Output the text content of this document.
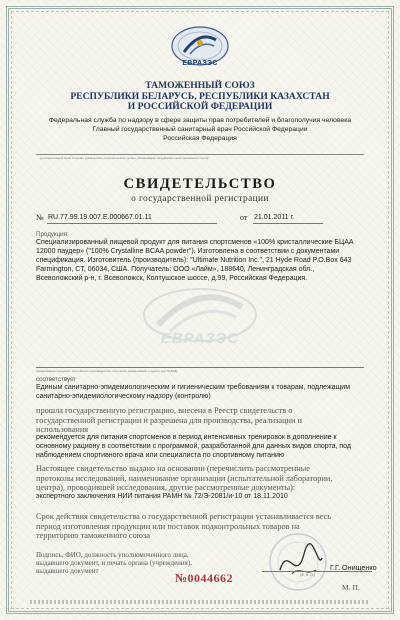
ЕВРАЗЭС
ТАМОЖЕННЫЙ СОЮЗ
РЕСПУБЛИКИ БЕЛАРУСЬ, РЕСПУБЛИКИ КАЗАХСТАН
И РОССИЙСКОЙ ФЕДЕРАЦИИ
Федеральная служба по надзору в сфере защиты прав потребителей и благополучия человека
Главный государственный санитарный врач Российской Федерации
Российская Федерация
(уполномоченный орган Стороны, руководитель уполномоченного органа, наименование государства-члена таможенного союза)
СВИДЕТЕЛЬСТВО
о государственной регистрации
№ RU.77.99.19.007.E.000667.01.11	от 21.01.2011 г.
Продукция:
Специализированный пищевой продукт для питания спортсменов «100% кристаллические БЦАА
12000 паудер» ("100% Crystalline BCAA powder"). Изготовлена в соответствии с документами
спецификация. Изготовитель (производитель): "Ultimate Nutrition Inc.", 21 Hyde Road P.O.Box 643
Farmington, CT, 06034, США. Получатель: ООО «Лайм», 188640, Ленинградская обл.,
Всеволожский р-н, г. Всеволожск, Колтушское шоссе, д.99, Российская Федерация.
ЕВРАЗЭС
(наименование продукции, изготовитель (производитель), получатель (наименование и адрес), код ТН ВЭД)
соответствует
Единым санитарно-эпидемиологическим и гигиеническим требованиям к товарам, подлежащим
санитарно-эпидемиологическому надзору (контролю)
прошла государственную регистрацию, внесена в Реестр свидетельств о
государственной регистрации и разрешена для производства, реализации и
использования
рекомендуется для питания спортсменов в период интенсивных тренировок в дополнение к
основному рациону в соответствии с программой, разработанной для данных видов спорта, под
наблюдением спортивного врача или специалиста по спортивному питанию
Настоящее свидетельство выдано на основании (перечислить рассмотренные
протоколы исследований, наименование организации (испытательной лаборатории,
центра), проводившей исследования, другие рассмотренные документы):
экспертного заключения НИИ питания РАМН № 72/Э-2081/и-10 от 18.11.2010
Срок действия свидетельства о государственной регистрации устанавливается весь
период изготовления продукции или поставок подконтрольных товаров на
территорию таможенного союза
Подпись, ФИО, должность уполномоченного лица,
выдавшего документ, и печать органа (учреждения),
выдавшего документ	Г.Г. Онищенко
(Ф. И. О.)
№0044662
М. П.
